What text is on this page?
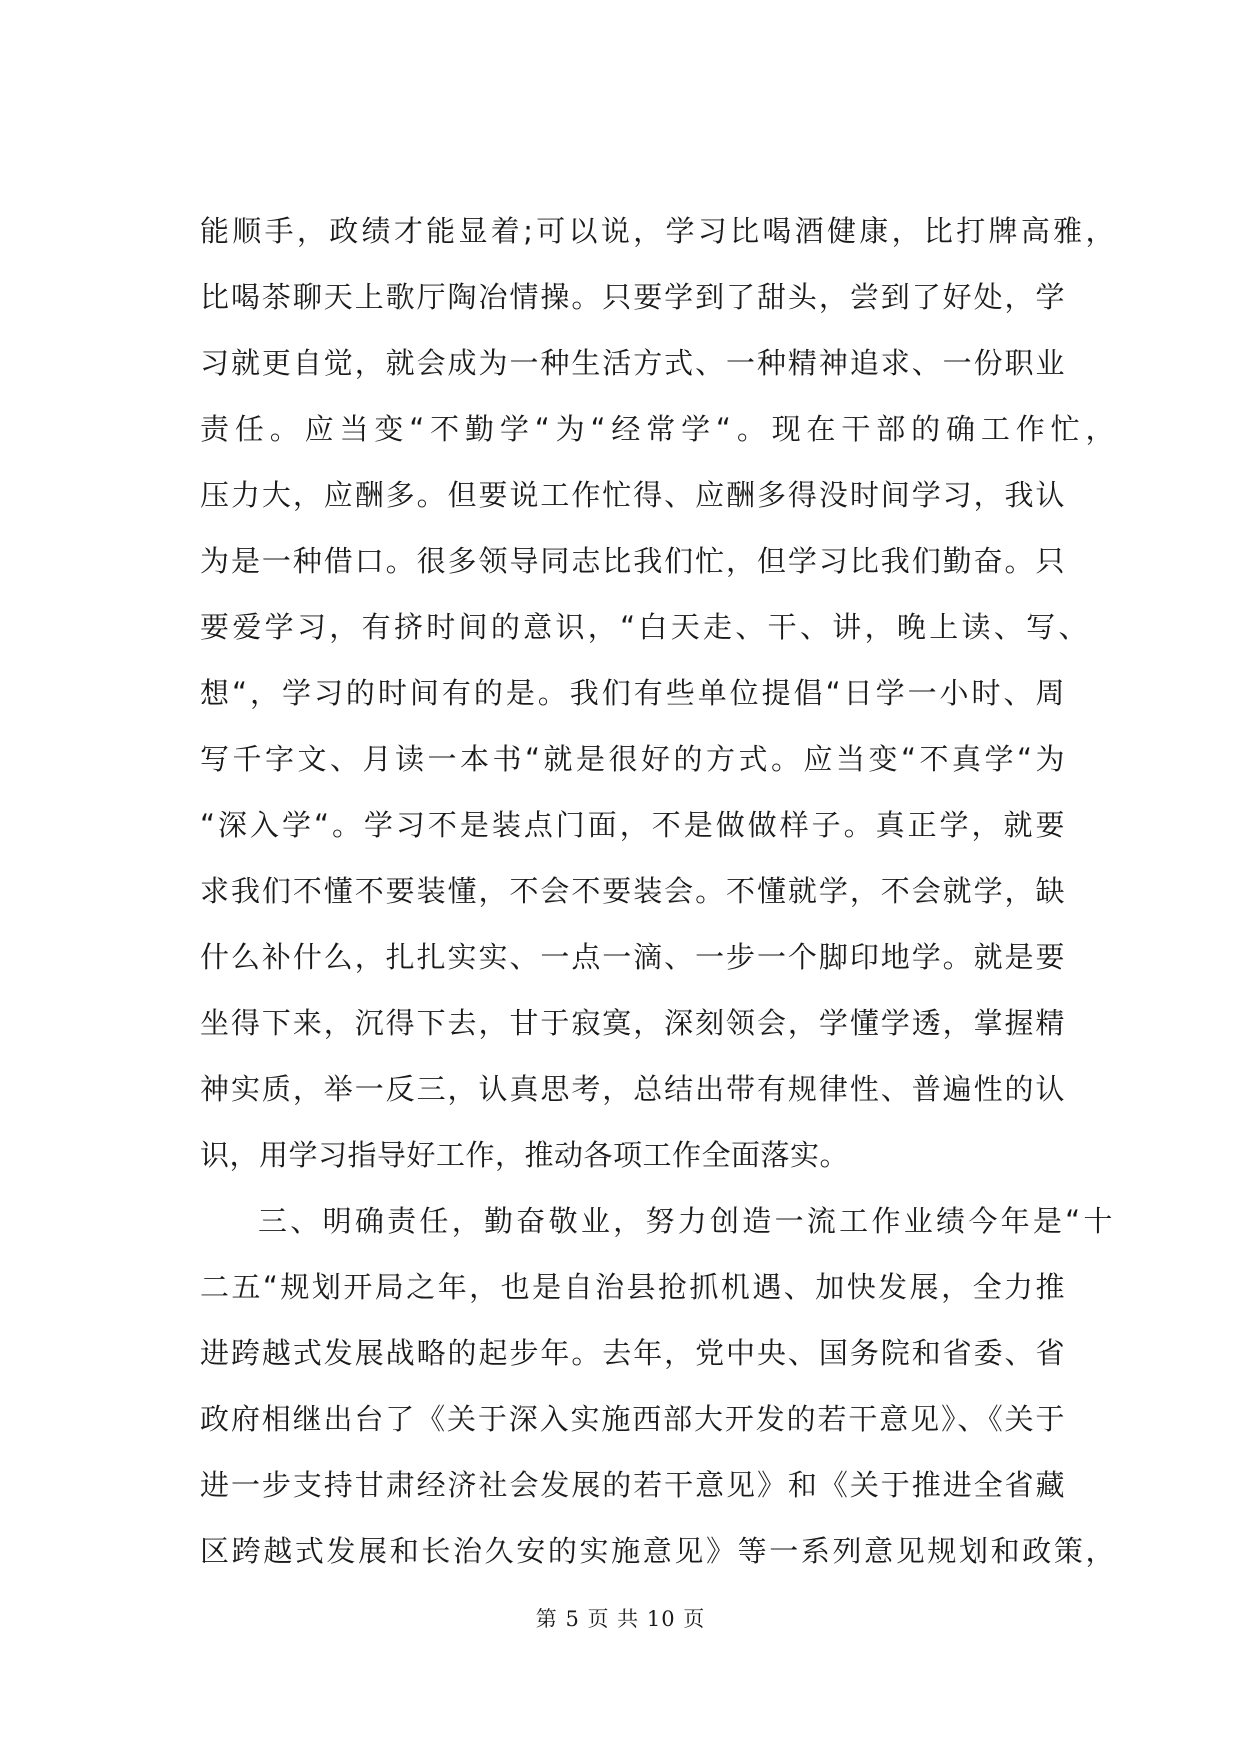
能顺手，政绩才能显着;可以说，学习比喝酒健康，比打牌高雅，
比喝茶聊天上歌厅陶冶情操。只要学到了甜头，尝到了好处，学
习就更自觉，就会成为一种生活方式、一种精神追求、一份职业
责任。应当变“不勤学“为“经常学“。现在干部的确工作忙，
压力大，应酬多。但要说工作忙得、应酬多得没时间学习，我认
为是一种借口。很多领导同志比我们忙，但学习比我们勤奋。只
要爱学习，有挤时间的意识，“白天走、干、讲，晚上读、写、
想“，学习的时间有的是。我们有些单位提倡“日学一小时、周
写千字文、月读一本书“就是很好的方式。应当变“不真学“为
“深入学“。学习不是装点门面，不是做做样子。真正学，就要
求我们不懂不要装懂，不会不要装会。不懂就学，不会就学，缺
什么补什么，扎扎实实、一点一滴、一步一个脚印地学。就是要
坐得下来，沉得下去，甘于寂寞，深刻领会，学懂学透，掌握精
神实质，举一反三，认真思考，总结出带有规律性、普遍性的认
识，用学习指导好工作，推动各项工作全面落实。
三、明确责任，勤奋敬业，努力创造一流工作业绩今年是“十
二五“规划开局之年，也是自治县抢抓机遇、加快发展，全力推
进跨越式发展战略的起步年。去年，党中央、国务院和省委、省
政府相继出台了《关于深入实施西部大开发的若干意见》、《关于
进一步支持甘肃经济社会发展的若干意见》和《关于推进全省藏
区跨越式发展和长治久安的实施意见》等一系列意见规划和政策，
第 5 页 共 10 页
